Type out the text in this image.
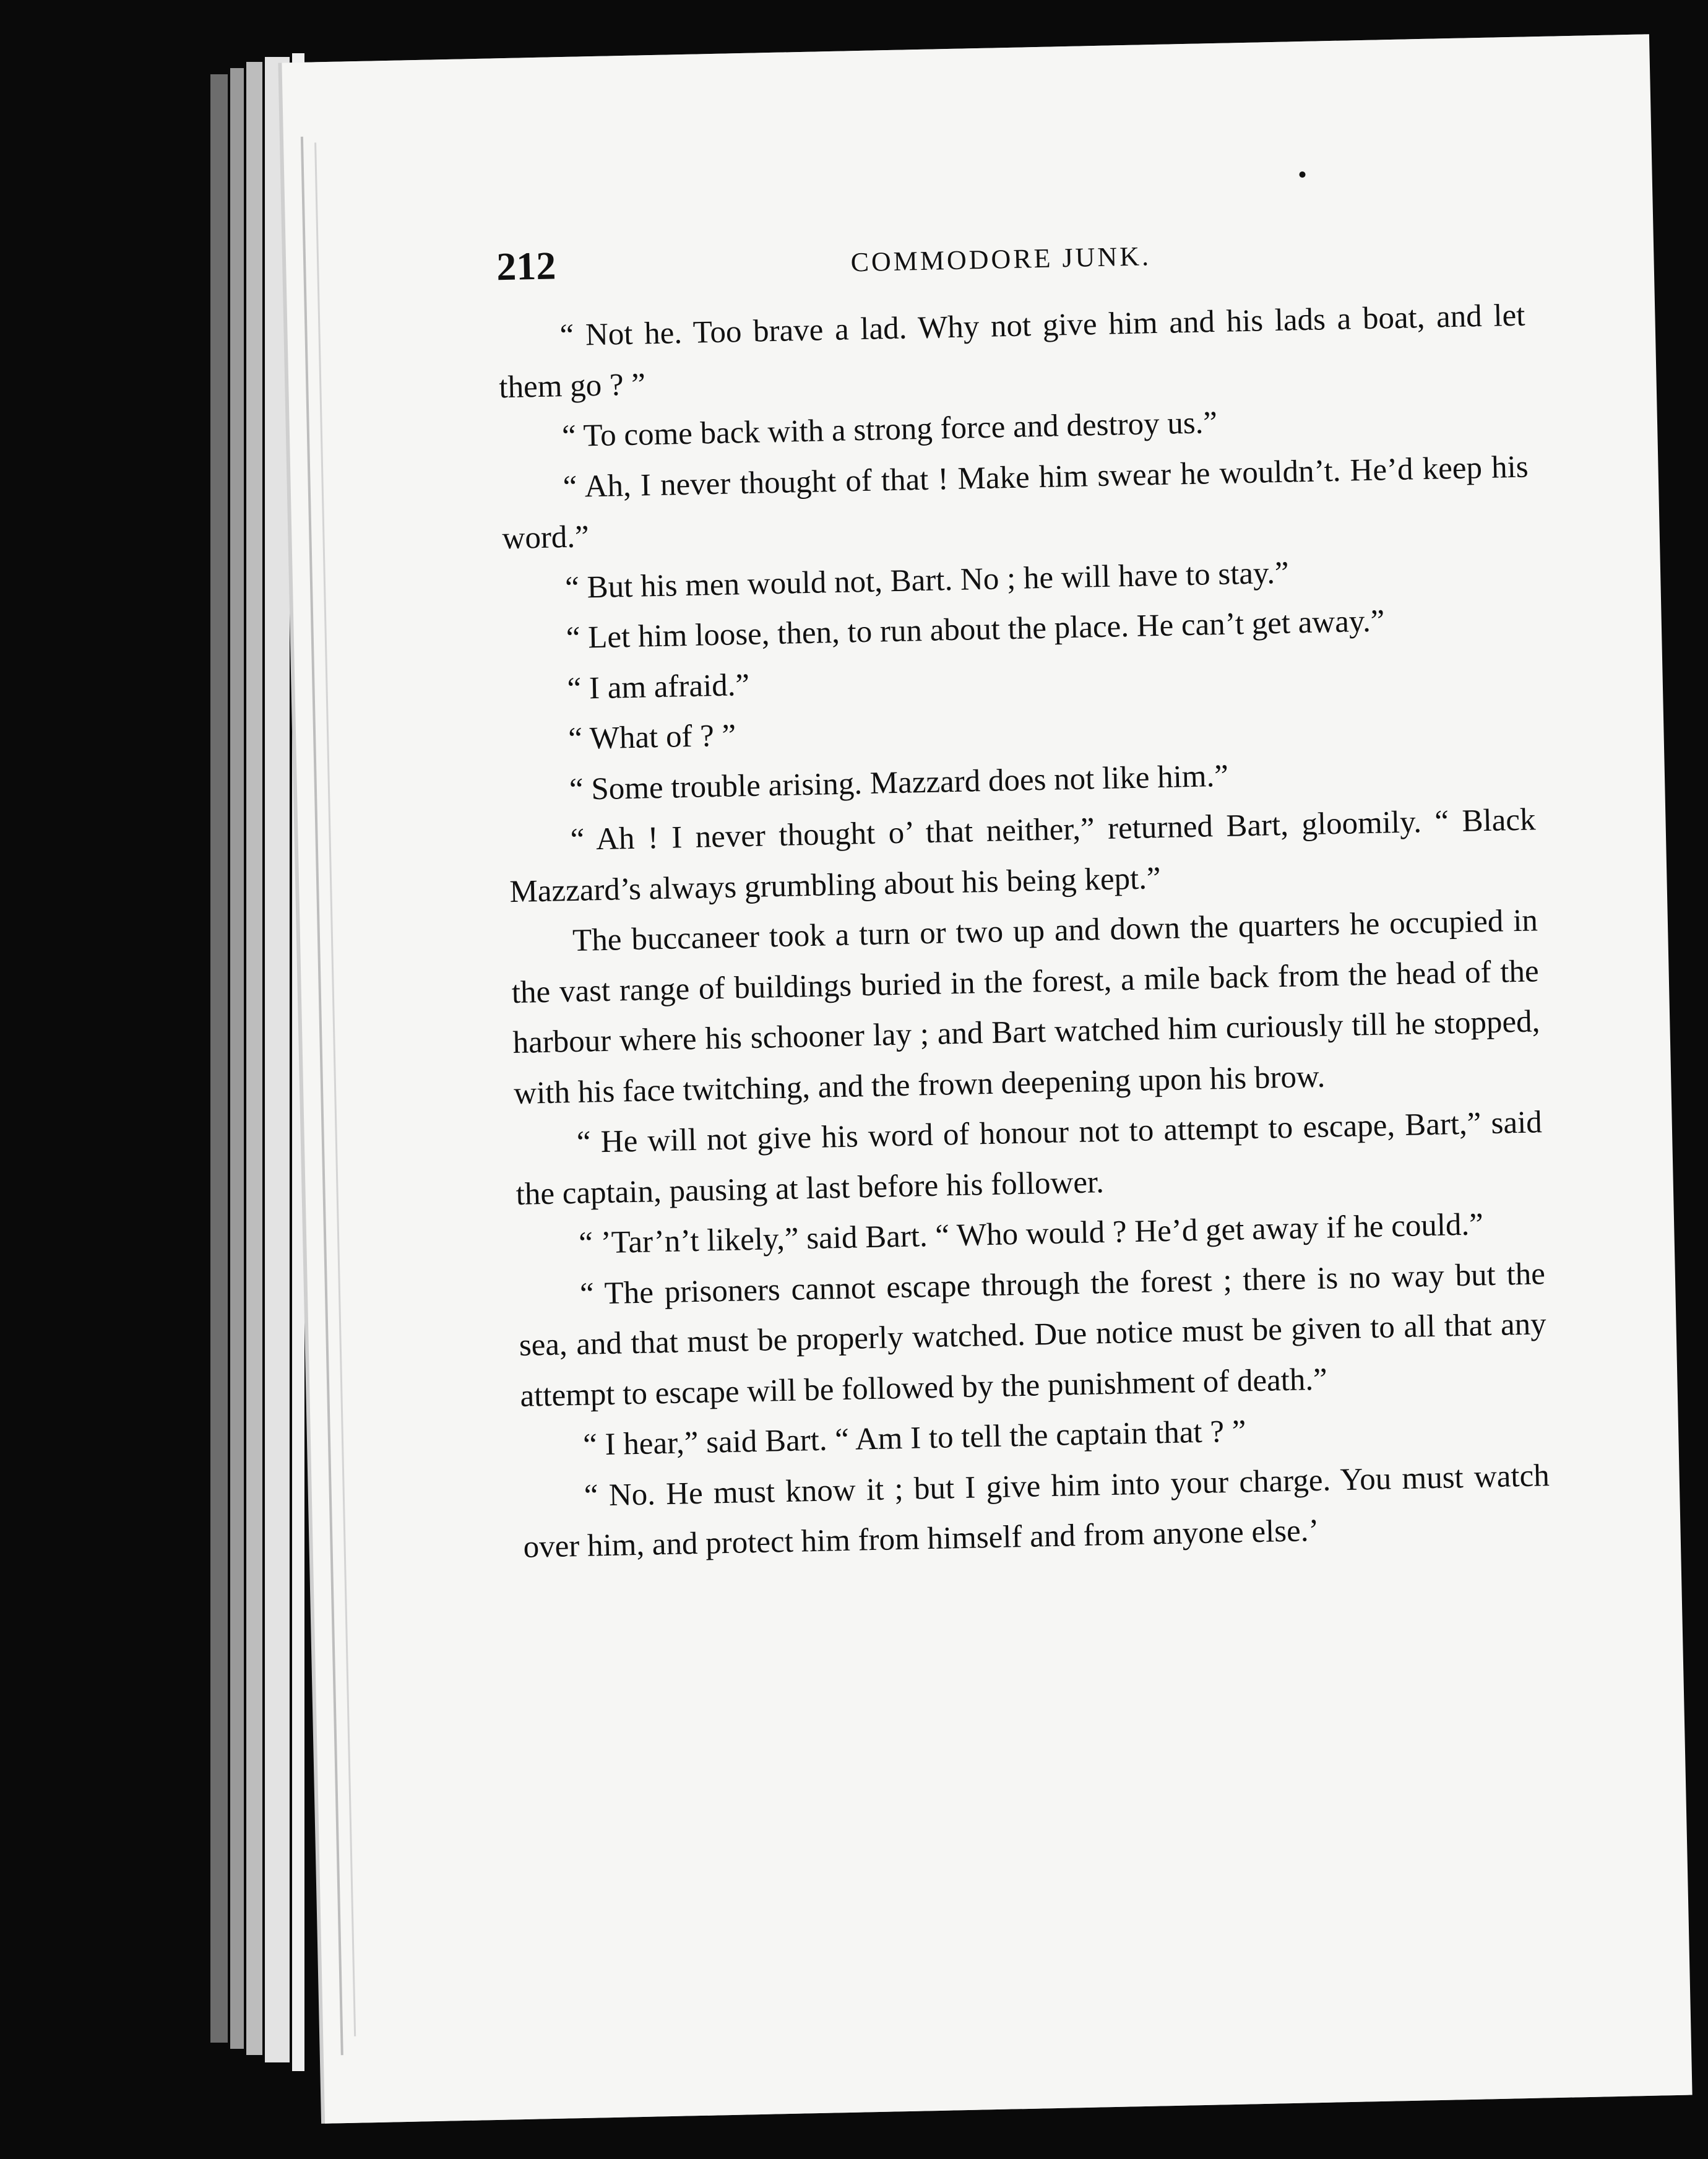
212	COMMODORE JUNK.

“ Not he. Too brave a lad. Why not give him and his lads a boat, and let them go ? ”

“ To come back with a strong force and destroy us.”

“ Ah, I never thought of that ! Make him swear he wouldn’t. He’d keep his word.”

“ But his men would not, Bart. No ; he will have to stay.”

“ Let him loose, then, to run about the place. He can’t get away.”

“ I am afraid.”

“ What of ? ”

“ Some trouble arising. Mazzard does not like him.”

“ Ah ! I never thought o’ that neither,” returned Bart, gloomily. “ Black Mazzard’s always grumbling about his being kept.”

The buccaneer took a turn or two up and down the quarters he occupied in the vast range of buildings buried in the forest, a mile back from the head of the harbour where his schooner lay ; and Bart watched him curiously till he stopped, with his face twitching, and the frown deepening upon his brow.

“ He will not give his word of honour not to attempt to escape, Bart,” said the captain, pausing at last before his follower.

“ ’Tar’n’t likely,” said Bart. “ Who would ? He’d get away if he could.”

“ The prisoners cannot escape through the forest ; there is no way but the sea, and that must be properly watched. Due notice must be given to all that any attempt to escape will be followed by the punishment of death.”

“ I hear,” said Bart. “ Am I to tell the captain that ? ”

“ No. He must know it ; but I give him into your charge. You must watch over him, and protect him from himself and from anyone else.’
